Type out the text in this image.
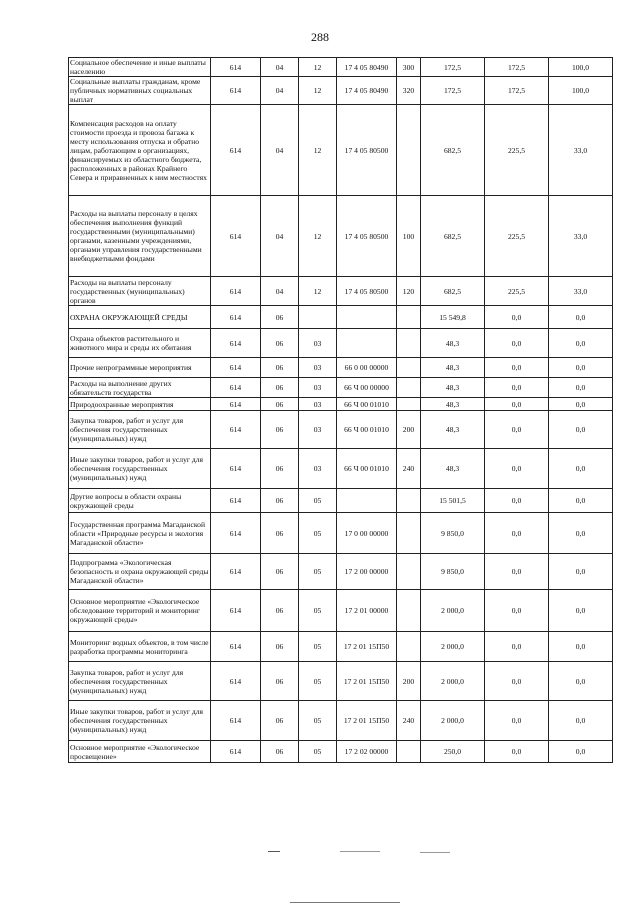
288
Социальное обеспечение и иные выплаты населению	614	04	12	17 4 05 80490	300	172,5	172,5	100,0
Социальные выплаты гражданам, кроме публичных нормативных социальных выплат	614	04	12	17 4 05 80490	320	172,5	172,5	100,0
Компенсация расходов на оплату стоимости проезда и провоза багажа к месту использования отпуска и обратно лицам, работающим в организациях, финансируемых из областного бюджета, расположенных в районах Крайнего Севера и приравненных к ним местностях	614	04	12	17 4 05 80500		682,5	225,5	33,0
Расходы на выплаты персоналу в целях обеспечения выполнения функций государственными (муниципальными) органами, казенными учреждениями, органами управления государственными внебюджетными фондами	614	04	12	17 4 05 80500	100	682,5	225,5	33,0
Расходы на выплаты персоналу государственных (муниципальных) органов	614	04	12	17 4 05 80500	120	682,5	225,5	33,0
ОХРАНА ОКРУЖАЮЩЕЙ СРЕДЫ	614	06				15 549,8	0,0	0,0
Охрана объектов растительного и животного мира и среды их обитания	614	06	03			48,3	0,0	0,0
Прочие непрограммные мероприятия	614	06	03	66 0 00 00000		48,3	0,0	0,0
Расходы на выполнение других обязательств государства	614	06	03	66 Ч 00 00000		48,3	0,0	0,0
Природоохранные мероприятия	614	06	03	66 Ч 00 01010		48,3	0,0	0,0
Закупка товаров, работ и услуг для обеспечения государственных (муниципальных) нужд	614	06	03	66 Ч 00 01010	200	48,3	0,0	0,0
Иные закупки товаров, работ и услуг для обеспечения государственных (муниципальных) нужд	614	06	03	66 Ч 00 01010	240	48,3	0,0	0,0
Другие вопросы в области охраны окружающей среды	614	06	05			15 501,5	0,0	0,0
Государственная программа Магаданской области «Природные ресурсы и экология Магаданской области»	614	06	05	17 0 00 00000		9 850,0	0,0	0,0
Подпрограмма «Экологическая безопасность и охрана окружающей среды Магаданской области»	614	06	05	17 2 00 00000		9 850,0	0,0	0,0
Основное мероприятие «Экологическое обследование территорий и мониторинг окружающей среды»	614	06	05	17 2 01 00000		2 000,0	0,0	0,0
Мониторинг водных объектов, в том числе разработка программы мониторинга	614	06	05	17 2 01 15П50		2 000,0	0,0	0,0
Закупка товаров, работ и услуг для обеспечения государственных (муниципальных) нужд	614	06	05	17 2 01 15П50	200	2 000,0	0,0	0,0
Иные закупки товаров, работ и услуг для обеспечения государственных (муниципальных) нужд	614	06	05	17 2 01 15П50	240	2 000,0	0,0	0,0
Основное мероприятие «Экологическое просвещение»	614	06	05	17 2 02 00000		250,0	0,0	0,0
